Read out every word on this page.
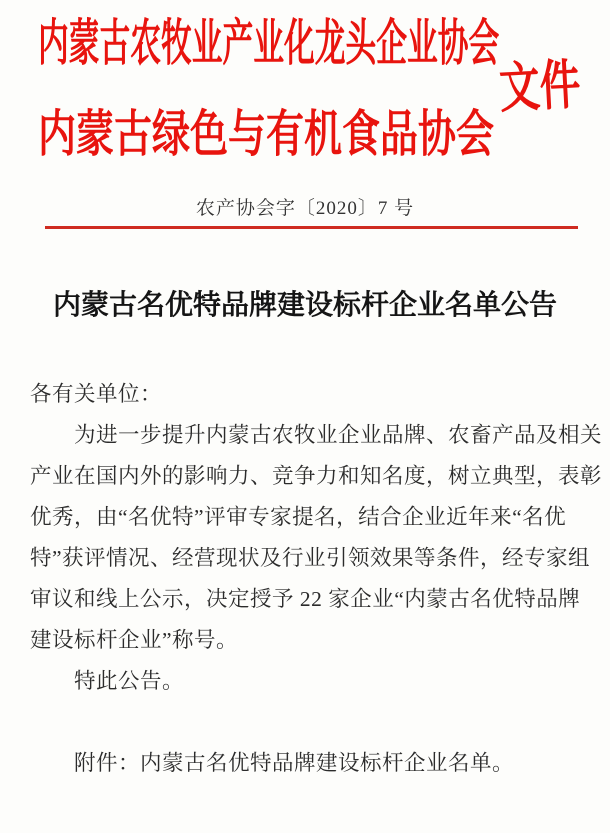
内蒙古农牧业产业化龙头企业协会
内蒙古绿色与有机食品协会
文件
农产协会字〔2020〕7 号
内蒙古名优特品牌建设标杆企业名单公告
各有关单位：
　　为进一步提升内蒙古农牧业企业品牌、农畜产品及相关
产业在国内外的影响力、竞争力和知名度，树立典型，表彰
优秀，由“名优特”评审专家提名，结合企业近年来“名优
特”获评情况、经营现状及行业引领效果等条件，经专家组
审议和线上公示，决定授予 22 家企业“内蒙古名优特品牌
建设标杆企业”称号。
　　特此公告。
　　附件：内蒙古名优特品牌建设标杆企业名单。
